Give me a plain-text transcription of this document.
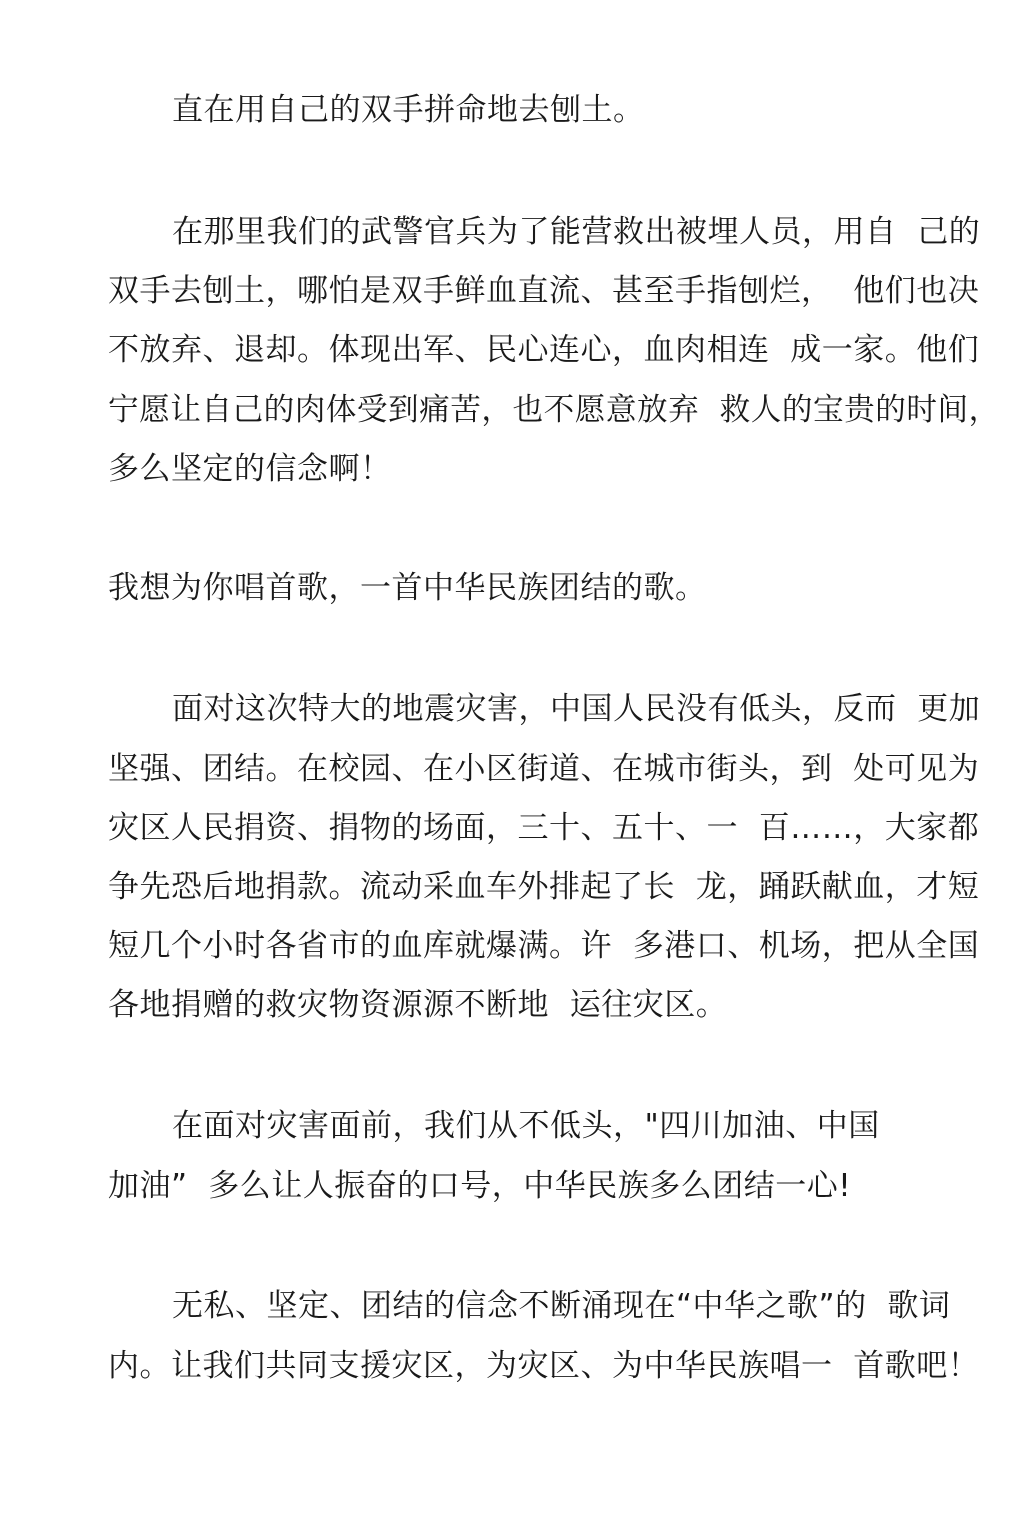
直在用自己的双手拼命地去刨土。
在那里我们的武警官兵为了能营救出被埋人员，用自  己的
双手去刨土，哪怕是双手鲜血直流、甚至手指刨烂，  他们也决
不放弃、退却。体现出军、民心连心，血肉相连  成一家。他们
宁愿让自己的肉体受到痛苦，也不愿意放弃  救人的宝贵的时间，
多么坚定的信念啊！
我想为你唱首歌，一首中华民族团结的歌。
面对这次特大的地震灾害，中国人民没有低头，反而  更加
坚强、团结。在校园、在小区街道、在城市街头，到  处可见为
灾区人民捐资、捐物的场面，三十、五十、一  百……，大家都
争先恐后地捐款。流动采血车外排起了长  龙，踊跃献血，才短
短几个小时各省市的血库就爆满。许  多港口、机场，把从全国
各地捐赠的救灾物资源源不断地  运往灾区。
在面对灾害面前，我们从不低头，"四川加油、中国
加油”  多么让人振奋的口号，中华民族多么团结一心!
无私、坚定、团结的信念不断涌现在“中华之歌”的  歌词
内。让我们共同支援灾区，为灾区、为中华民族唱一  首歌吧！
